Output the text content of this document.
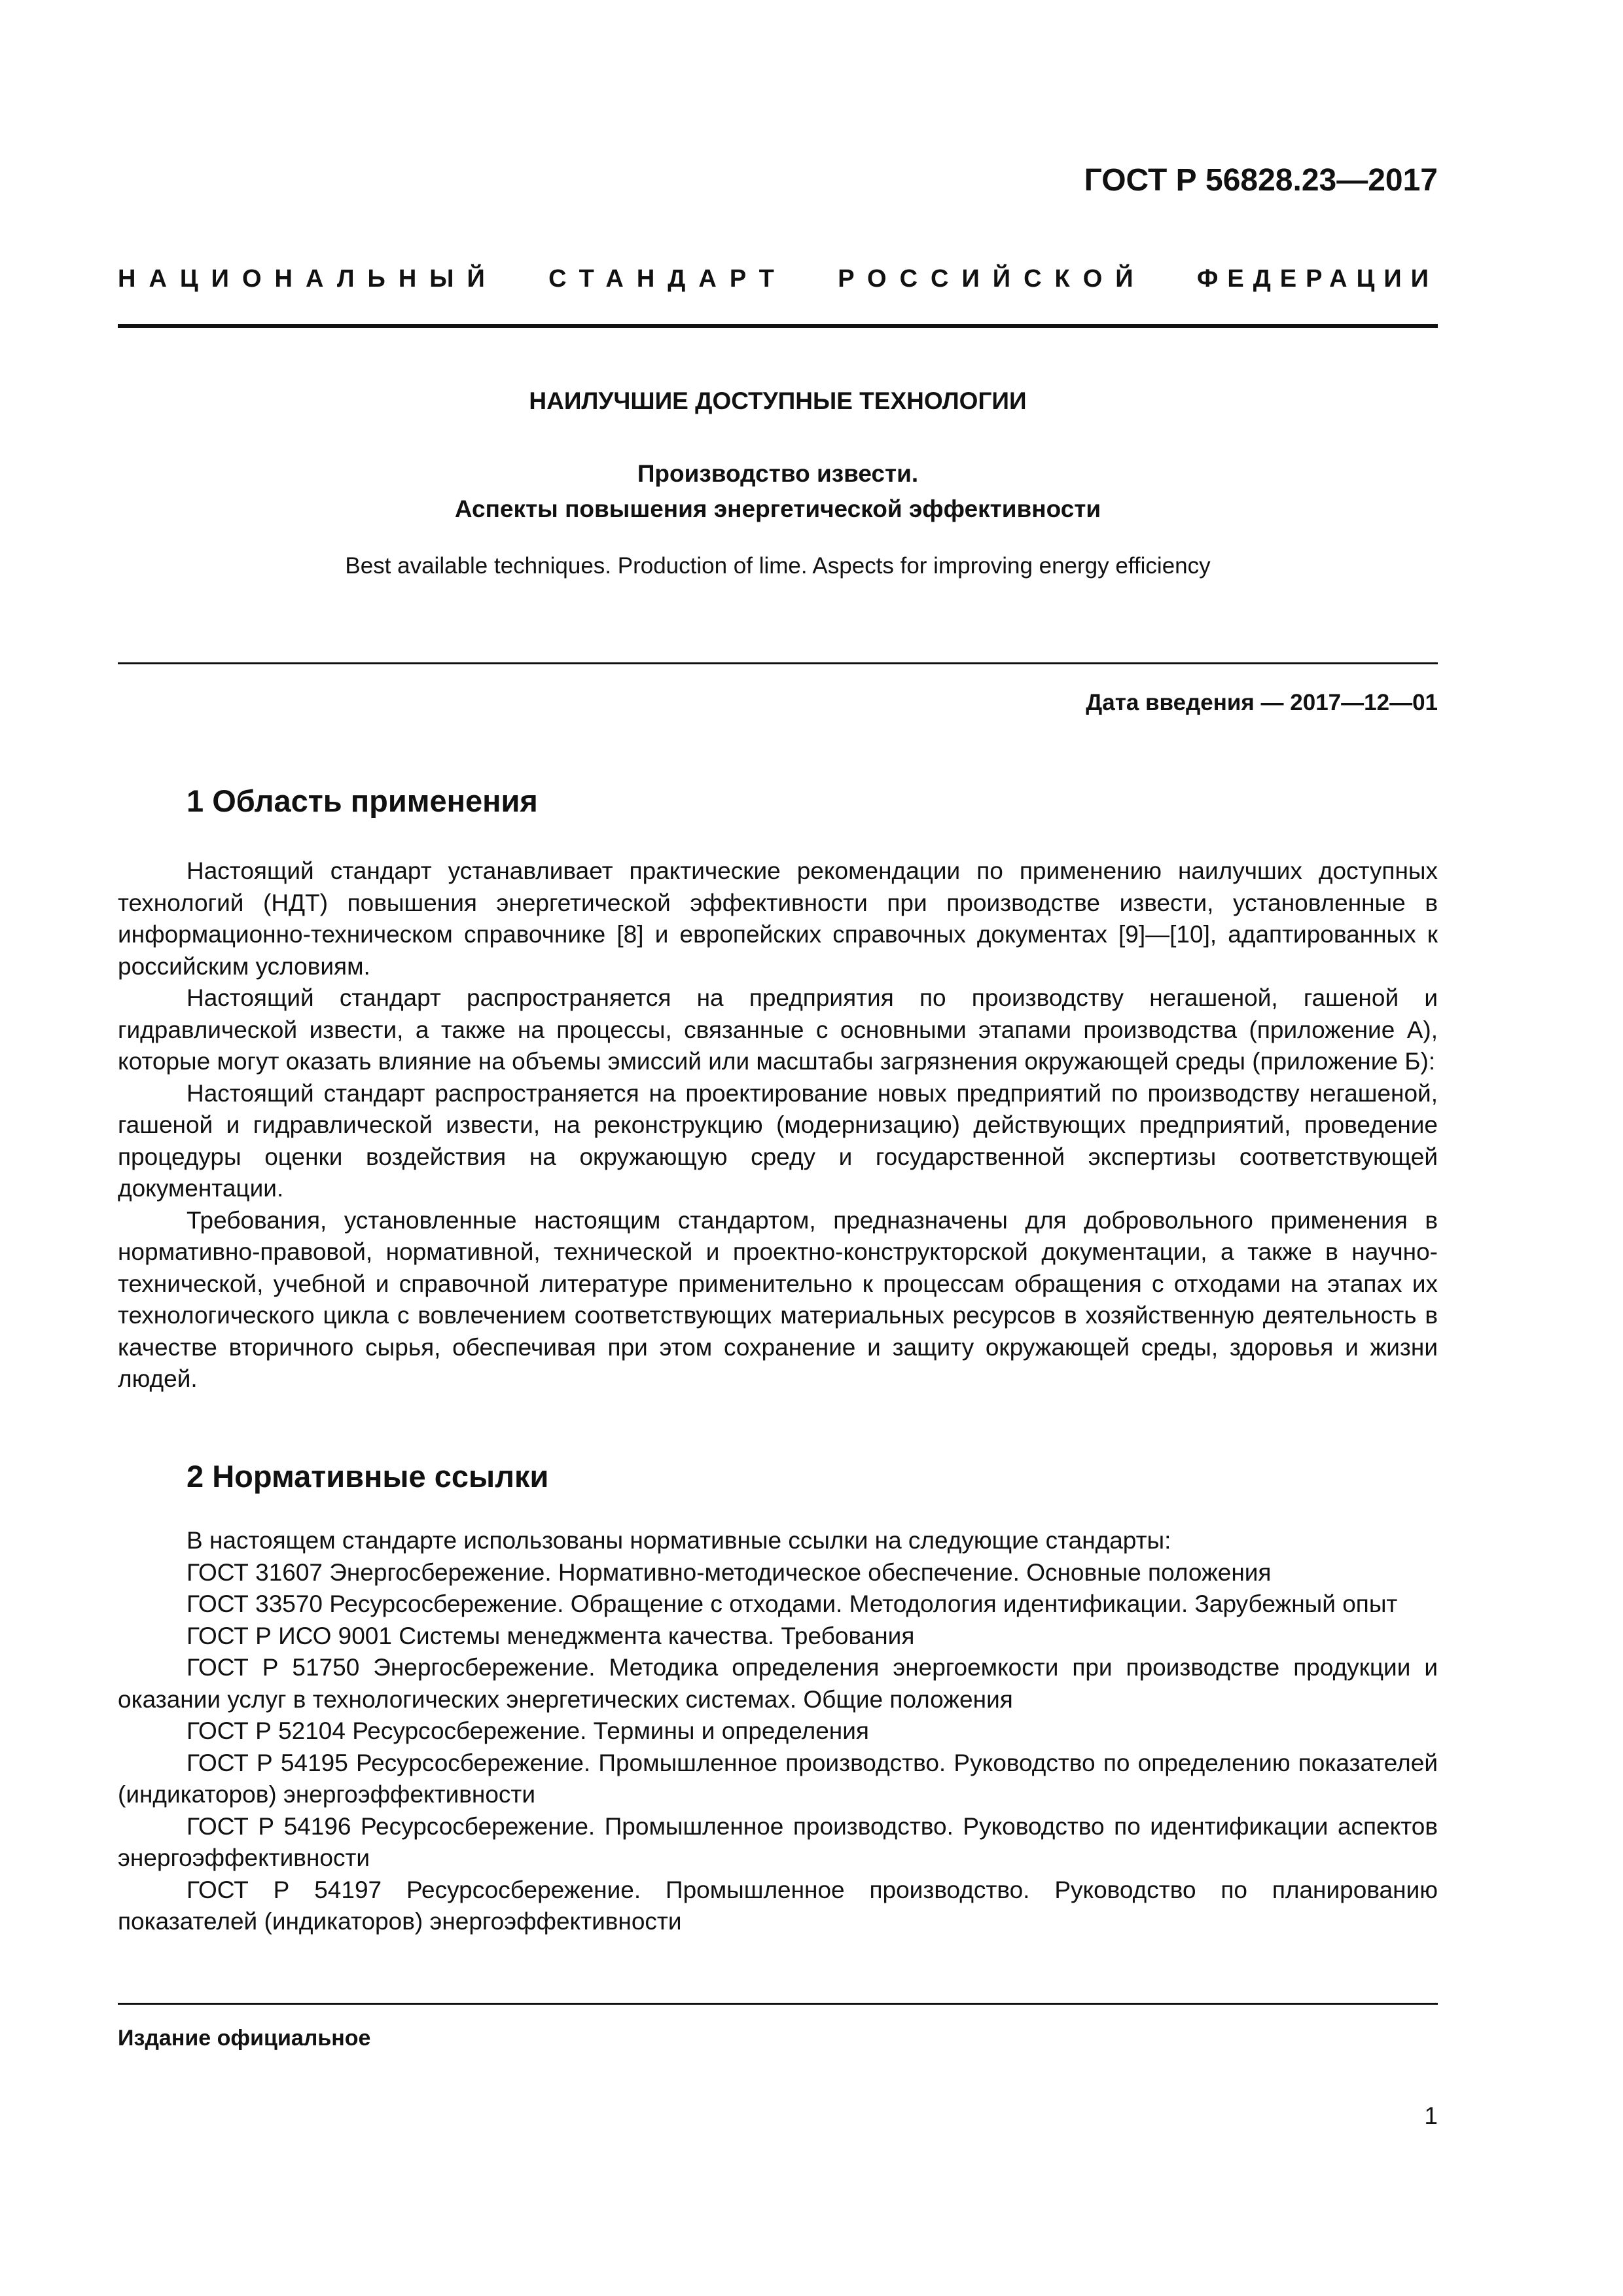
ГОСТ Р 56828.23—2017
НАЦИОНАЛЬНЫЙ СТАНДАРТ РОССИЙСКОЙ ФЕДЕРАЦИИ
НАИЛУЧШИЕ ДОСТУПНЫЕ ТЕХНОЛОГИИ
Производство извести.
Аспекты повышения энергетической эффективности
Best available techniques. Production of lime. Aspects for improving energy efficiency
Дата введения — 2017—12—01
1 Область применения

Настоящий стандарт устанавливает практические рекомендации по применению наилучших доступных технологий (НДТ) повышения энергетической эффективности при производстве извести, установленные в информационно-техническом справочнике [8] и европейских справочных документах [9]—[10], адаптированных к российским условиям.

Настоящий стандарт распространяется на предприятия по производству негашеной, гашеной и гидравлической извести, а также на процессы, связанные с основными этапами производства (приложение А), которые могут оказать влияние на объемы эмиссий или масштабы загрязнения окружающей среды (приложение Б):

Настоящий стандарт распространяется на проектирование новых предприятий по производству негашеной, гашеной и гидравлической извести, на реконструкцию (модернизацию) действующих предприятий, проведение процедуры оценки воздействия на окружающую среду и государственной экспертизы соответствующей документации.

Требования, установленные настоящим стандартом, предназначены для добровольного применения в нормативно-правовой, нормативной, технической и проектно-конструкторской документации, а также в научно-технической, учебной и справочной литературе применительно к процессам обращения с отходами на этапах их технологического цикла с вовлечением соответствующих материальных ресурсов в хозяйственную деятельность в качестве вторичного сырья, обеспечивая при этом сохранение и защиту окружающей среды, здоровья и жизни людей.

2 Нормативные ссылки

В настоящем стандарте использованы нормативные ссылки на следующие стандарты:

ГОСТ 31607 Энергосбережение. Нормативно-методическое обеспечение. Основные положения

ГОСТ 33570 Ресурсосбережение. Обращение с отходами. Методология идентификации. Зарубежный опыт

ГОСТ Р ИСО 9001 Системы менеджмента качества. Требования

ГОСТ Р 51750 Энергосбережение. Методика определения энергоемкости при производстве продукции и оказании услуг в технологических энергетических системах. Общие положения

ГОСТ Р 52104 Ресурсосбережение. Термины и определения

ГОСТ Р 54195 Ресурсосбережение. Промышленное производство. Руководство по определению показателей (индикаторов) энергоэффективности

ГОСТ Р 54196 Ресурсосбережение. Промышленное производство. Руководство по идентификации аспектов энергоэффективности

ГОСТ Р 54197 Ресурсосбережение. Промышленное производство. Руководство по планированию показателей (индикаторов) энергоэффективности

Издание официальное
1
